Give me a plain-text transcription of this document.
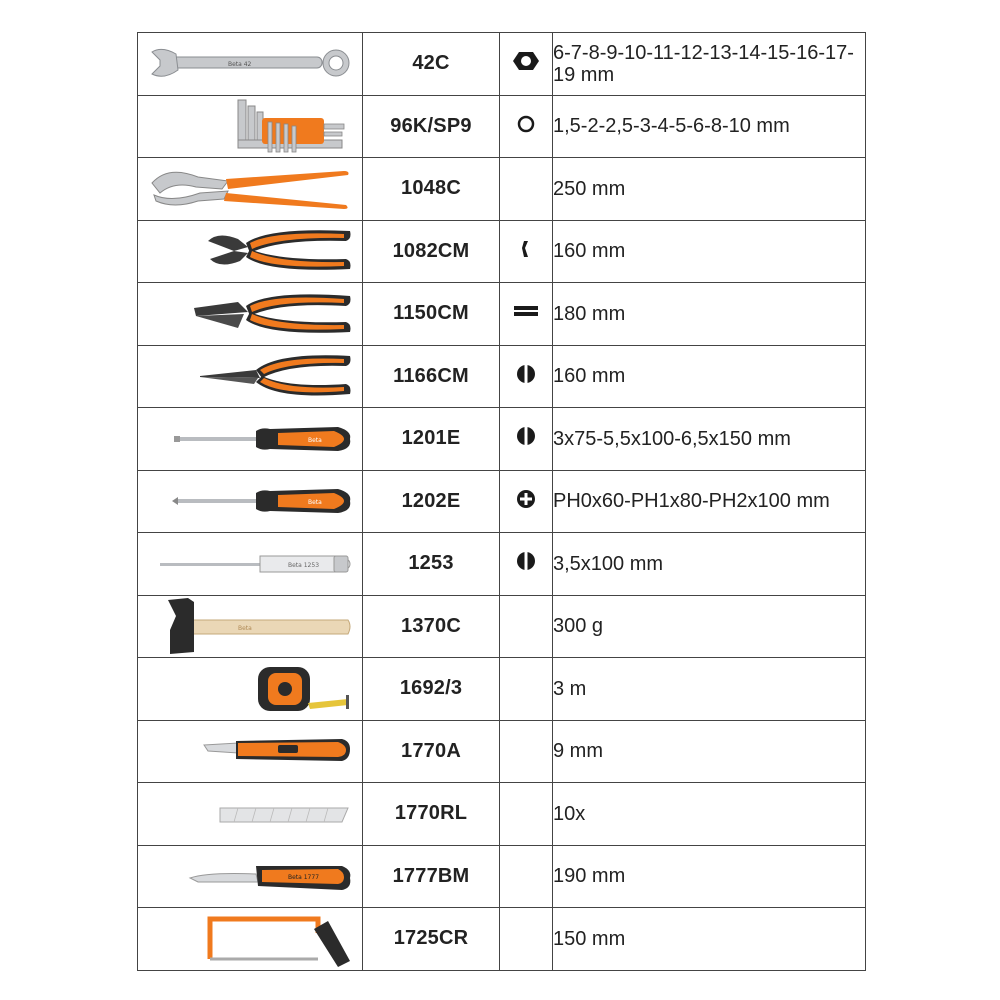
Beta 42	42C		6-7-8-9-10-11-12-13-14-15-16-17-19 mm

	96K/SP9		1,5-2-2,5-3-4-5-6-8-10 mm

	1048C		250 mm

	1082CM		160 mm

	1150CM		180 mm

	1166CM		160 mm

Beta	1201E		3x75-5,5x100-6,5x150 mm

Beta	1202E		PH0x60-PH1x80-PH2x100 mm

Beta 1253	1253		3,5x100 mm

Beta	1370C		300 g

	1692/3		3 m

	1770A		9 mm

	1770RL		10x

Beta 1777	1777BM		190 mm

	1725CR		150 mm
